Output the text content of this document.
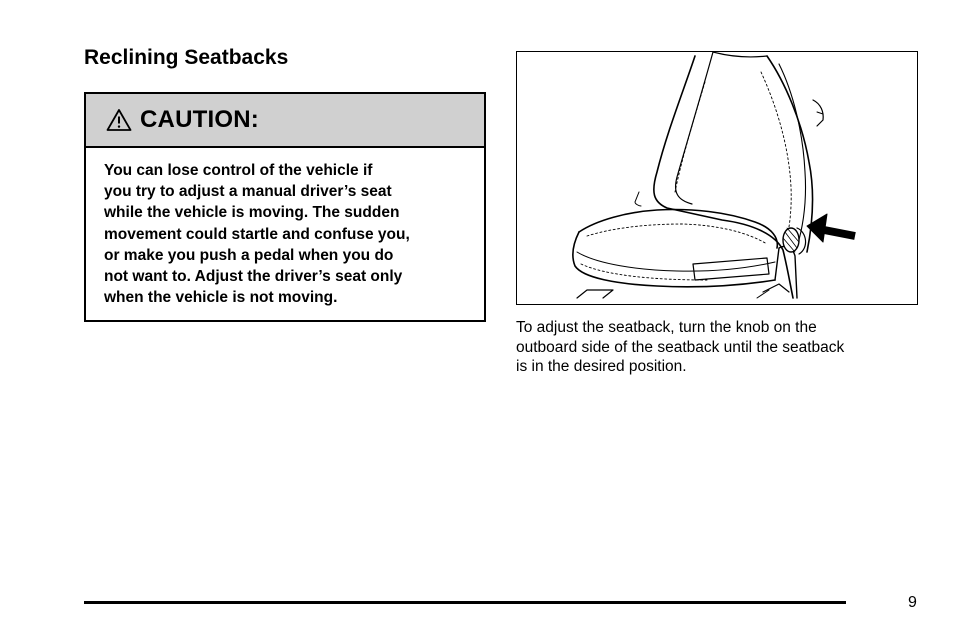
Reclining Seatbacks
CAUTION:

You can lose control of the vehicle if
you try to adjust a manual driver’s seat
while the vehicle is moving. The sudden
movement could startle and confuse you,
or make you push a pedal when you do
not want to. Adjust the driver’s seat only
when the vehicle is not moving.

To adjust the seatback, turn the knob on the
outboard side of the seatback until the seatback
is in the desired position.

9
